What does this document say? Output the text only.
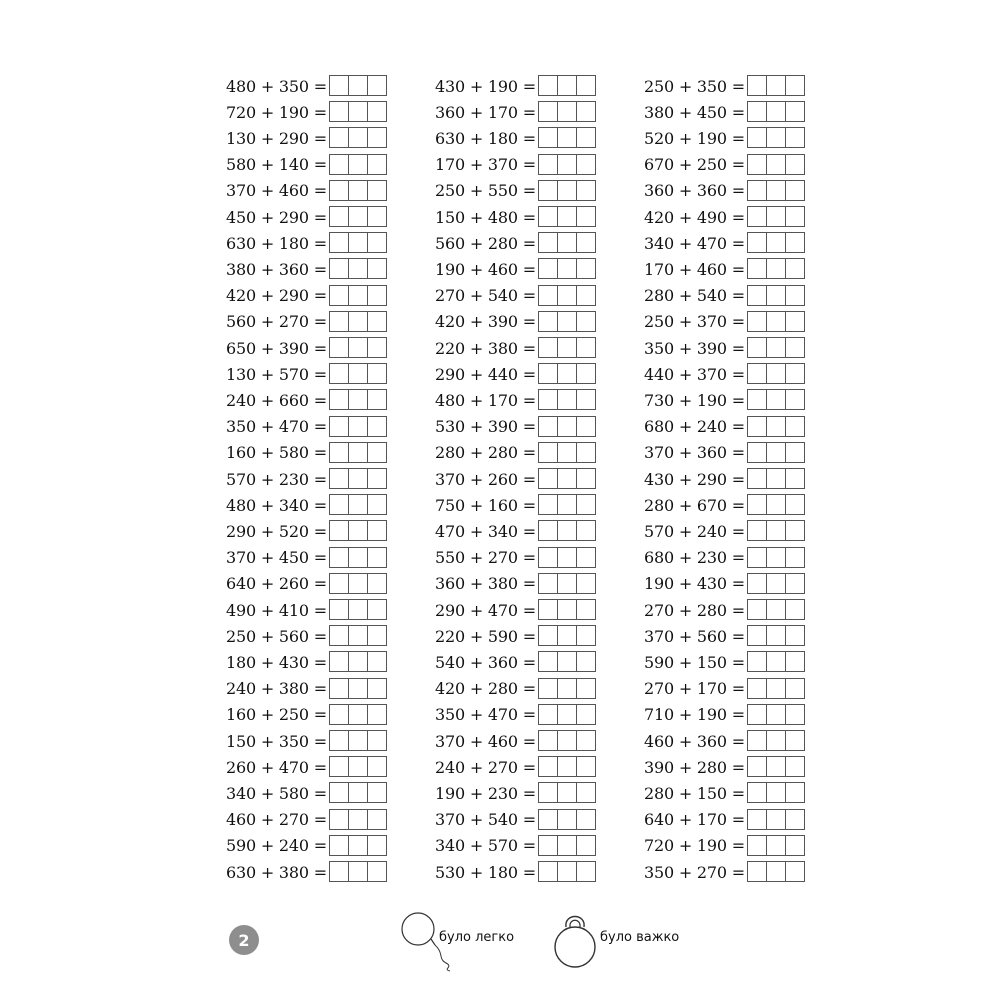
480 + 350 =
720 + 190 =
130 + 290 =
580 + 140 =
370 + 460 =
450 + 290 =
630 + 180 =
380 + 360 =
420 + 290 =
560 + 270 =
650 + 390 =
130 + 570 =
240 + 660 =
350 + 470 =
160 + 580 =
570 + 230 =
480 + 340 =
290 + 520 =
370 + 450 =
640 + 260 =
490 + 410 =
250 + 560 =
180 + 430 =
240 + 380 =
160 + 250 =
150 + 350 =
260 + 470 =
340 + 580 =
460 + 270 =
590 + 240 =
630 + 380 =
430 + 190 =
360 + 170 =
630 + 180 =
170 + 370 =
250 + 550 =
150 + 480 =
560 + 280 =
190 + 460 =
270 + 540 =
420 + 390 =
220 + 380 =
290 + 440 =
480 + 170 =
530 + 390 =
280 + 280 =
370 + 260 =
750 + 160 =
470 + 340 =
550 + 270 =
360 + 380 =
290 + 470 =
220 + 590 =
540 + 360 =
420 + 280 =
350 + 470 =
370 + 460 =
240 + 270 =
190 + 230 =
370 + 540 =
340 + 570 =
530 + 180 =
250 + 350 =
380 + 450 =
520 + 190 =
670 + 250 =
360 + 360 =
420 + 490 =
340 + 470 =
170 + 460 =
280 + 540 =
250 + 370 =
350 + 390 =
440 + 370 =
730 + 190 =
680 + 240 =
370 + 360 =
430 + 290 =
280 + 670 =
570 + 240 =
680 + 230 =
190 + 430 =
270 + 280 =
370 + 560 =
590 + 150 =
270 + 170 =
710 + 190 =
460 + 360 =
390 + 280 =
280 + 150 =
640 + 170 =
720 + 190 =
350 + 270 =
2	було легко	було важко
